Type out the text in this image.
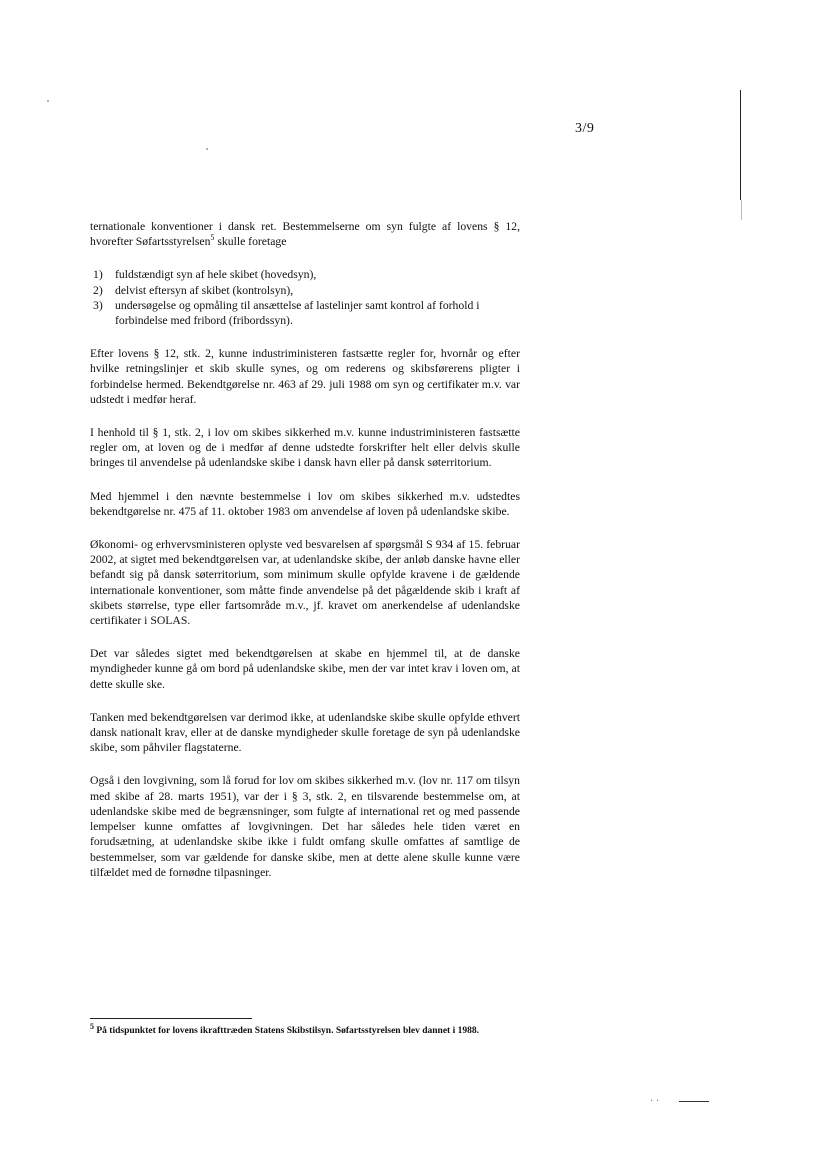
3/9

ternationale konventioner i dansk ret. Bestemmelserne om syn fulgte af lovens § 12, hvorefter Søfartsstyrelsen$^5$ skulle foretage

1)	fuldstændigt syn af hele skibet (hovedsyn),
2)	delvist eftersyn af skibet (kontrolsyn),
3)	undersøgelse og opmåling til ansættelse af lastelinjer samt kontrol af forhold i forbindelse med fribord (fribordssyn).

Efter lovens § 12, stk. 2, kunne industriministeren fastsætte regler for, hvornår og efter hvilke retningslinjer et skib skulle synes, og om rederens og skibsførerens pligter i forbindelse hermed. Bekendtgørelse nr. 463 af 29. juli 1988 om syn og certifikater m.v. var udstedt i medfør heraf.

I henhold til § 1, stk. 2, i lov om skibes sikkerhed m.v. kunne industriministeren fastsætte regler om, at loven og de i medfør af denne udstedte forskrifter helt eller delvis skulle bringes til anvendelse på udenlandske skibe i dansk havn eller på dansk søterritorium.

Med hjemmel i den nævnte bestemmelse i lov om skibes sikkerhed m.v. udstedtes bekendtgørelse nr. 475 af 11. oktober 1983 om anvendelse af loven på udenlandske skibe.

Økonomi- og erhvervsministeren oplyste ved besvarelsen af spørgsmål S 934 af 15. februar 2002, at sigtet med bekendtgørelsen var, at udenlandske skibe, der anløb danske havne eller befandt sig på dansk søterritorium, som minimum skulle opfylde kravene i de gældende internationale konventioner, som måtte finde anvendelse på det pågældende skib i kraft af skibets størrelse, type eller fartsområde m.v., jf. kravet om anerkendelse af udenlandske certifikater i SOLAS.

Det var således sigtet med bekendtgørelsen at skabe en hjemmel til, at de danske myndigheder kunne gå om bord på udenlandske skibe, men der var intet krav i loven om, at dette skulle ske.

Tanken med bekendtgørelsen var derimod ikke, at udenlandske skibe skulle opfylde ethvert dansk nationalt krav, eller at de danske myndigheder skulle foretage de syn på udenlandske skibe, som påhviler flagstaterne.

Også i den lovgivning, som lå forud for lov om skibes sikkerhed m.v. (lov nr. 117 om tilsyn med skibe af 28. marts 1951), var der i § 3, stk. 2, en tilsvarende bestemmelse om, at udenlandske skibe med de begrænsninger, som fulgte af international ret og med passende lempelser kunne omfattes af lovgivningen. Det har således hele tiden været en forudsætning, at udenlandske skibe ikke i fuldt omfang skulle omfattes af samtlige de bestemmelser, som var gældende for danske skibe, men at dette alene skulle kunne være tilfældet med de fornødne tilpasninger.

$^5$ På tidspunktet for lovens ikrafttræden Statens Skibstilsyn. Søfartsstyrelsen blev dannet i 1988.
· ·
